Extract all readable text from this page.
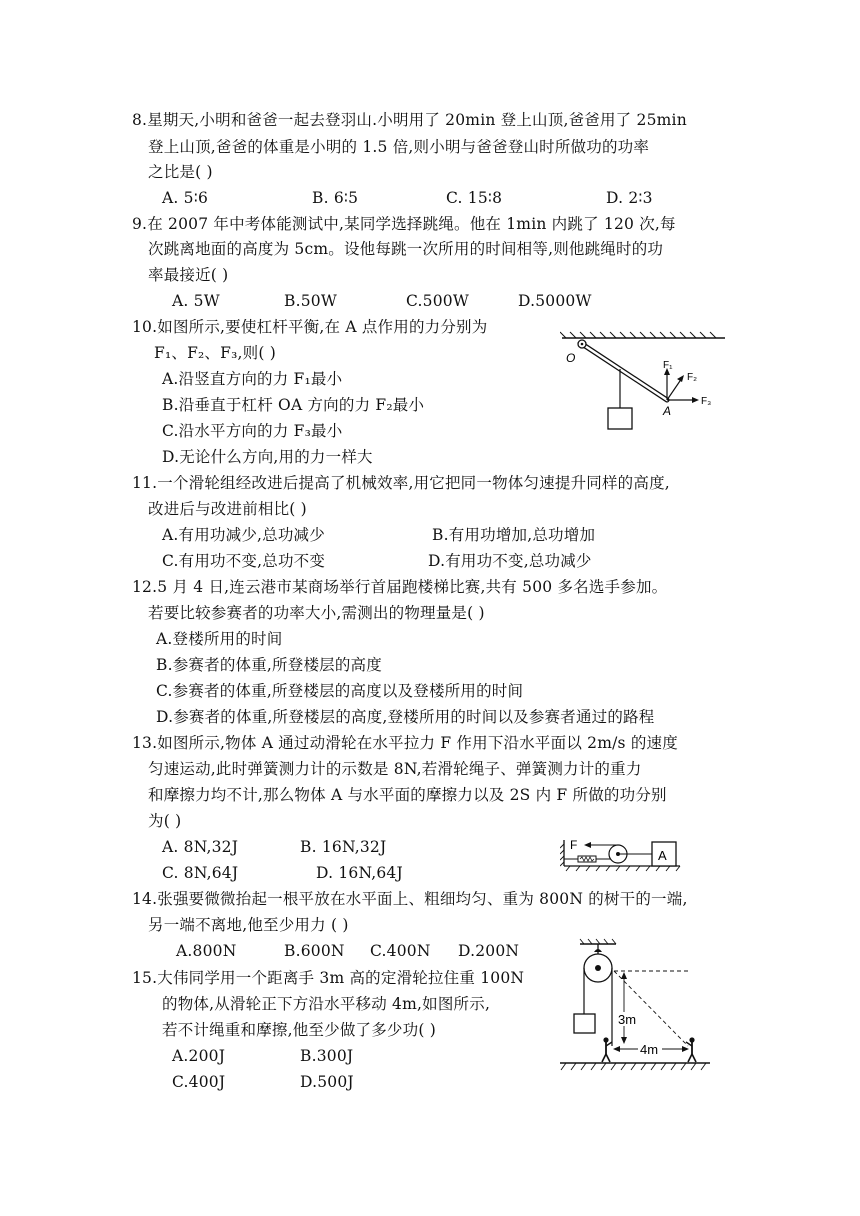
8.星期天,小明和爸爸一起去登羽山.小明用了 20min 登上山顶,爸爸用了 25min
登上山顶,爸爸的体重是小明的 1.5 倍,则小明与爸爸登山时所做功的功率
之比是( )
A. 5∶6	B. 6∶5	C. 15∶8	D. 2∶3
9.在 2007 年中考体能测试中,某同学选择跳绳。他在 1min 内跳了 120 次,每
次跳离地面的高度为 5cm。设他每跳一次所用的时间相等,则他跳绳时的功
率最接近( )
A. 5W	B.50W	C.500W	D.5000W
10.如图所示,要使杠杆平衡,在 A 点作用的力分别为
F₁、F₂、F₃,则( )
A.沿竖直方向的力 F₁最小
B.沿垂直于杠杆 OA 方向的力 F₂最小
C.沿水平方向的力 F₃最小
D.无论什么方向,用的力一样大
O
A
F₁
F₂
F₃
11.一个滑轮组经改进后提高了机械效率,用它把同一物体匀速提升同样的高度,
改进后与改进前相比( )
A.有用功减少,总功减少	B.有用功增加,总功增加
C.有用功不变,总功不变	D.有用功不变,总功减少
12.5 月 4 日,连云港市某商场举行首届跑楼梯比赛,共有 500 多名选手参加。
若要比较参赛者的功率大小,需测出的物理量是( )
A.登楼所用的时间
B.参赛者的体重,所登楼层的高度
C.参赛者的体重,所登楼层的高度以及登楼所用的时间
D.参赛者的体重,所登楼层的高度,登楼所用的时间以及参赛者通过的路程
13.如图所示,物体 A 通过动滑轮在水平拉力 F 作用下沿水平面以 2m/s 的速度
匀速运动,此时弹簧测力计的示数是 8N,若滑轮绳子、弹簧测力计的重力
和摩擦力均不计,那么物体 A 与水平面的摩擦力以及 2S 内 F 所做的功分别
为( )
A. 8N,32J	B. 16N,32J
C. 8N,64J	D. 16N,64J
F
A
14.张强要微微抬起一根平放在水平面上、粗细均匀、重为 800N 的树干的一端,
另一端不离地,他至少用力 ( )
A.800N	B.600N C.400N D.200N
15.大伟同学用一个距离手 3m 高的定滑轮拉住重 100N
的物体,从滑轮正下方沿水平移动 4m,如图所示,
若不计绳重和摩擦,他至少做了多少功( )
A.200J	B.300J
C.400J	D.500J
3m
4m
